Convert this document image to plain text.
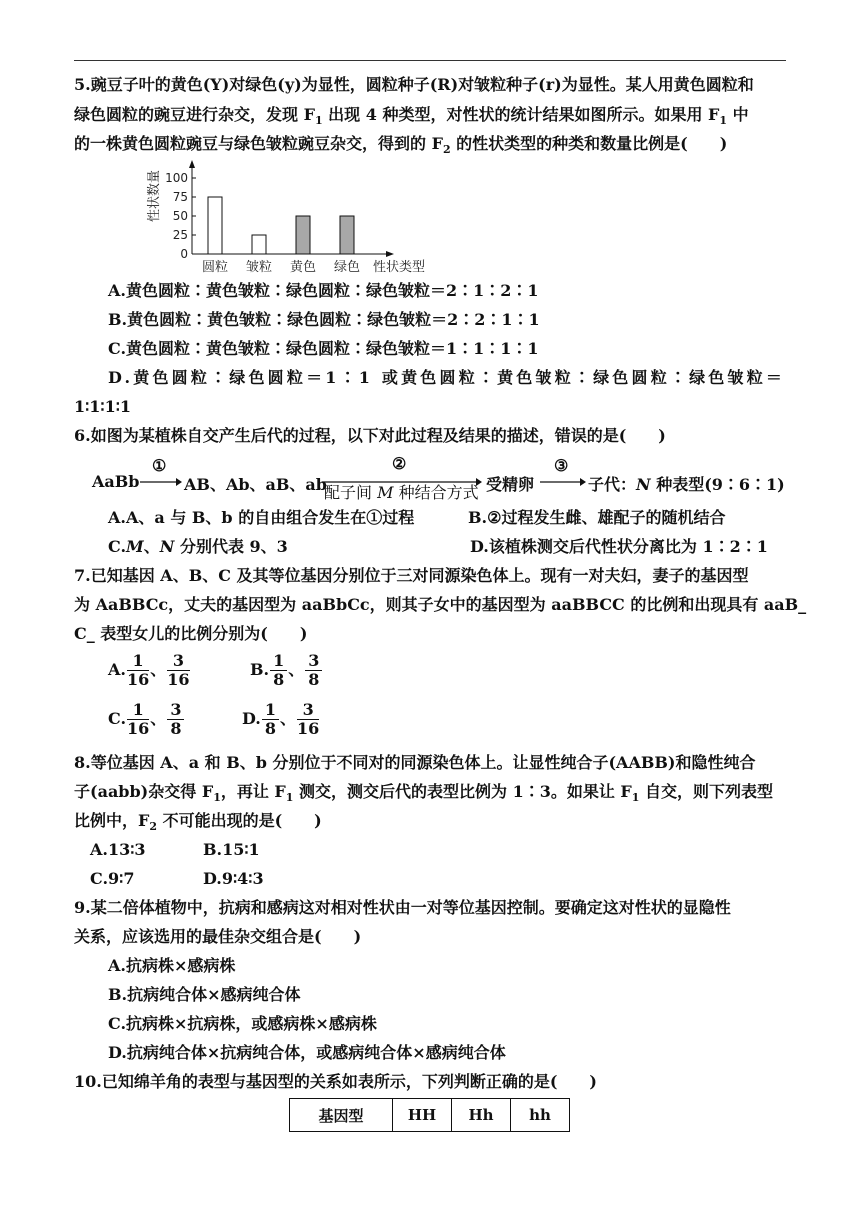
5.豌豆子叶的黄色(Y)对绿色(y)为显性，圆粒种子(R)对皱粒种子(r)为显性。某人用黄色圆粒和
绿色圆粒的豌豆进行杂交，发现 $F_1$ 出现 4 种类型，对性状的统计结果如图所示。如果用 $F_1$ 中
的一株黄色圆粒豌豆与绿色皱粒豌豆杂交，得到的 $F_2$ 的性状类型的种类和数量比例是(　　)
0
25
50
75
100
性状数量
圆粒 皱粒 黄色 绿色 性状类型
A.黄色圆粒∶黄色皱粒∶绿色圆粒∶绿色皱粒＝2∶1∶2∶1
B.黄色圆粒∶黄色皱粒∶绿色圆粒∶绿色皱粒＝2∶2∶1∶1
C.黄色圆粒∶黄色皱粒∶绿色圆粒∶绿色皱粒＝1∶1∶1∶1
D.黄色圆粒∶绿色圆粒＝1∶1 或黄色圆粒∶黄色皱粒∶绿色圆粒∶绿色皱粒＝
1∶1∶1∶1
6.如图为某植株自交产生后代的过程，以下对此过程及结果的描述，错误的是(　　)
AaBb
①
AB、Ab、aB、ab
②
配子间 M 种结合方式 受精卵
③
子代：N 种表型(9∶6∶1)
A.A、a 与 B、b 的自由组合发生在①过程	B.②过程发生雌、雄配子的随机结合
C.M、N 分别代表 9、3	D.该植株测交后代性状分离比为 1∶2∶1
7.已知基因 A、B、C 及其等位基因分别位于三对同源染色体上。现有一对夫妇，妻子的基因型
为 AaBBCc，丈夫的基因型为 aaBbCc，则其子女中的基因型为 aaBBCC 的比例和出现具有 aaB_
C_ 表型女儿的比例分别为(　　)
A. $\frac{1}{16}$ 、 $\frac{3}{16}$	B. $\frac{1}{8}$ 、 $\frac{3}{8}$
C. $\frac{1}{16}$ 、 $\frac{3}{8}$	D. $\frac{1}{8}$ 、 $\frac{3}{16}$
8.等位基因 A、a 和 B、b 分别位于不同对的同源染色体上。让显性纯合子(AABB)和隐性纯合
子(aabb)杂交得 $F_1$，再让 $F_1$ 测交，测交后代的表型比例为 1∶3。如果让 $F_1$ 自交，则下列表型
比例中，$F_2$ 不可能出现的是(　　)
A.13∶3	B.15∶1
C.9∶7	D.9∶4∶3
9.某二倍体植物中，抗病和感病这对相对性状由一对等位基因控制。要确定这对性状的显隐性
关系，应该选用的最佳杂交组合是(　　)
A.抗病株×感病株
B.抗病纯合体×感病纯合体
C.抗病株×抗病株，或感病株×感病株
D.抗病纯合体×抗病纯合体，或感病纯合体×感病纯合体
10.已知绵羊角的表型与基因型的关系如表所示，下列判断正确的是(　　)
基因型	HH	Hh	hh
